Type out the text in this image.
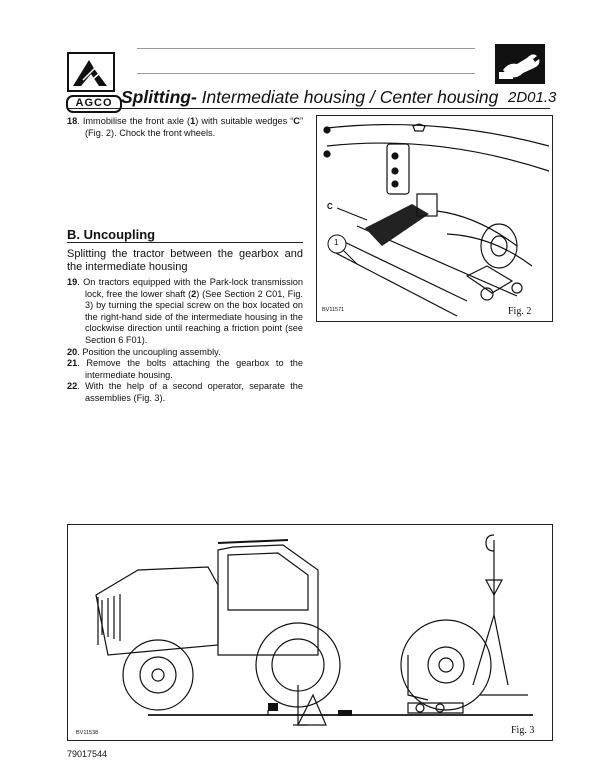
AGCO Splitting- Intermediate housing / Center housing 2D01.3
18. Immobilise the front axle (1) with suitable wedges “C” (Fig. 2). Chock the front wheels.
B. Uncoupling
Splitting the tractor between the gearbox and the intermediate housing
19. On tractors equipped with the Park-lock transmission lock, free the lower shaft (2) (See Section 2 C01, Fig. 3) by turning the special screw on the box located on the right-hand side of the intermediate housing in the clockwise direction until reaching a friction point (see Section 6 F01).
20. Position the uncoupling assembly.
21. Remove the bolts attaching the gearbox to the intermediate housing.
22. With the help of a second operator, separate the assemblies (Fig. 3).
C
1
BV11571	Fig. 2
BV11538	Fig. 3
79017544
